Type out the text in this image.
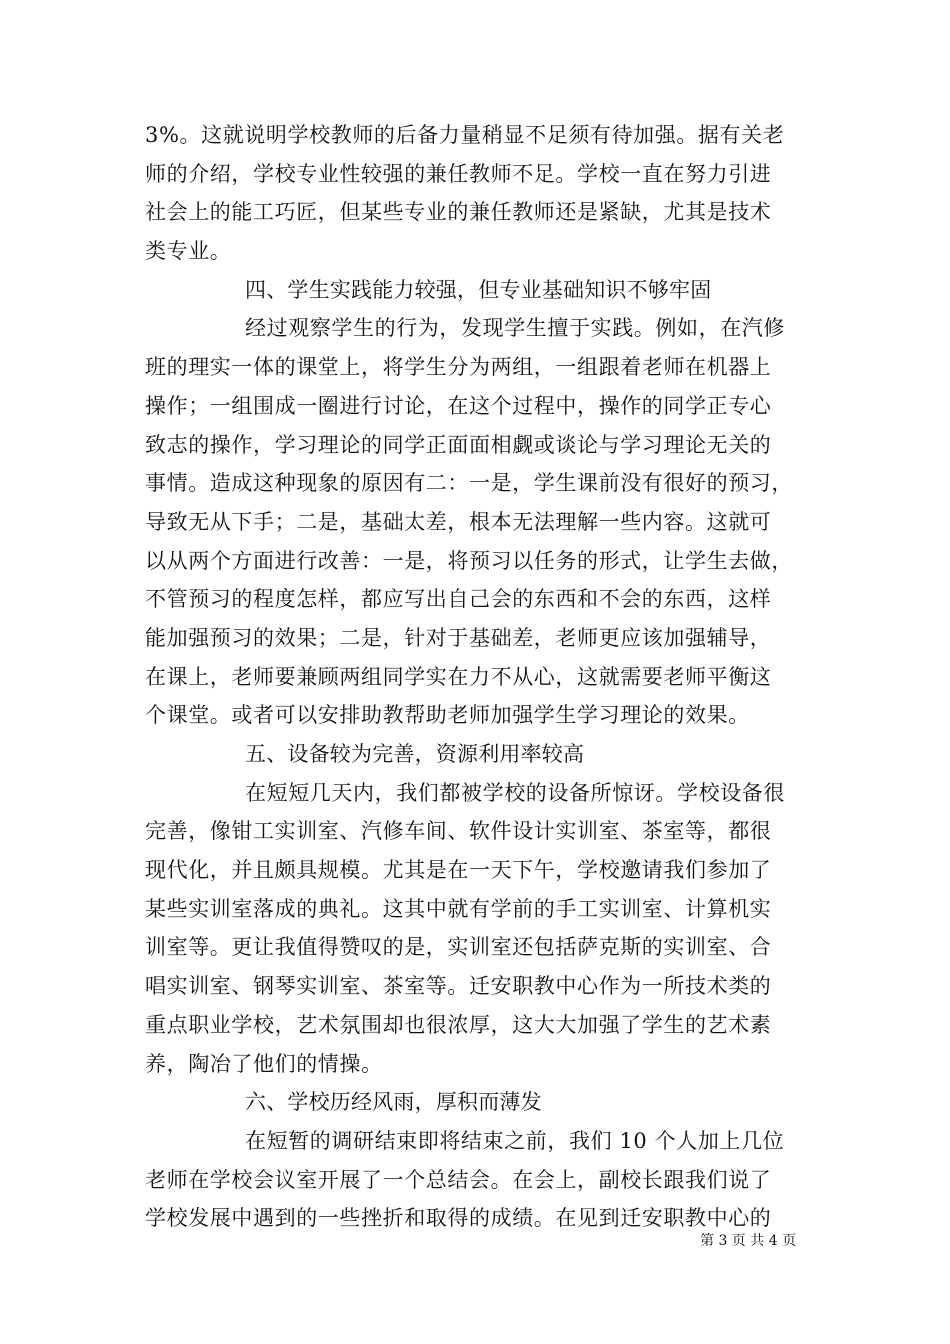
3%。这就说明学校教师的后备力量稍显不足须有待加强。据有关老
师的介绍，学校专业性较强的兼任教师不足。学校一直在努力引进
社会上的能工巧匠，但某些专业的兼任教师还是紧缺，尤其是技术
类专业。
四、学生实践能力较强，但专业基础知识不够牢固
经过观察学生的行为，发现学生擅于实践。例如，在汽修
班的理实一体的课堂上，将学生分为两组，一组跟着老师在机器上
操作；一组围成一圈进行讨论，在这个过程中，操作的同学正专心
致志的操作，学习理论的同学正面面相觑或谈论与学习理论无关的
事情。造成这种现象的原因有二：一是，学生课前没有很好的预习，
导致无从下手；二是，基础太差，根本无法理解一些内容。这就可
以从两个方面进行改善：一是，将预习以任务的形式，让学生去做，
不管预习的程度怎样，都应写出自己会的东西和不会的东西，这样
能加强预习的效果；二是，针对于基础差，老师更应该加强辅导，
在课上，老师要兼顾两组同学实在力不从心，这就需要老师平衡这
个课堂。或者可以安排助教帮助老师加强学生学习理论的效果。
五、设备较为完善，资源利用率较高
在短短几天内，我们都被学校的设备所惊讶。学校设备很
完善，像钳工实训室、汽修车间、软件设计实训室、茶室等，都很
现代化，并且颇具规模。尤其是在一天下午，学校邀请我们参加了
某些实训室落成的典礼。这其中就有学前的手工实训室、计算机实
训室等。更让我值得赞叹的是，实训室还包括萨克斯的实训室、合
唱实训室、钢琴实训室、茶室等。迁安职教中心作为一所技术类的
重点职业学校，艺术氛围却也很浓厚，这大大加强了学生的艺术素
养，陶冶了他们的情操。
六、学校历经风雨，厚积而薄发
在短暂的调研结束即将结束之前，我们 10 个人加上几位
老师在学校会议室开展了一个总结会。在会上，副校长跟我们说了
学校发展中遇到的一些挫折和取得的成绩。在见到迁安职教中心的
第 3 页 共 4 页
